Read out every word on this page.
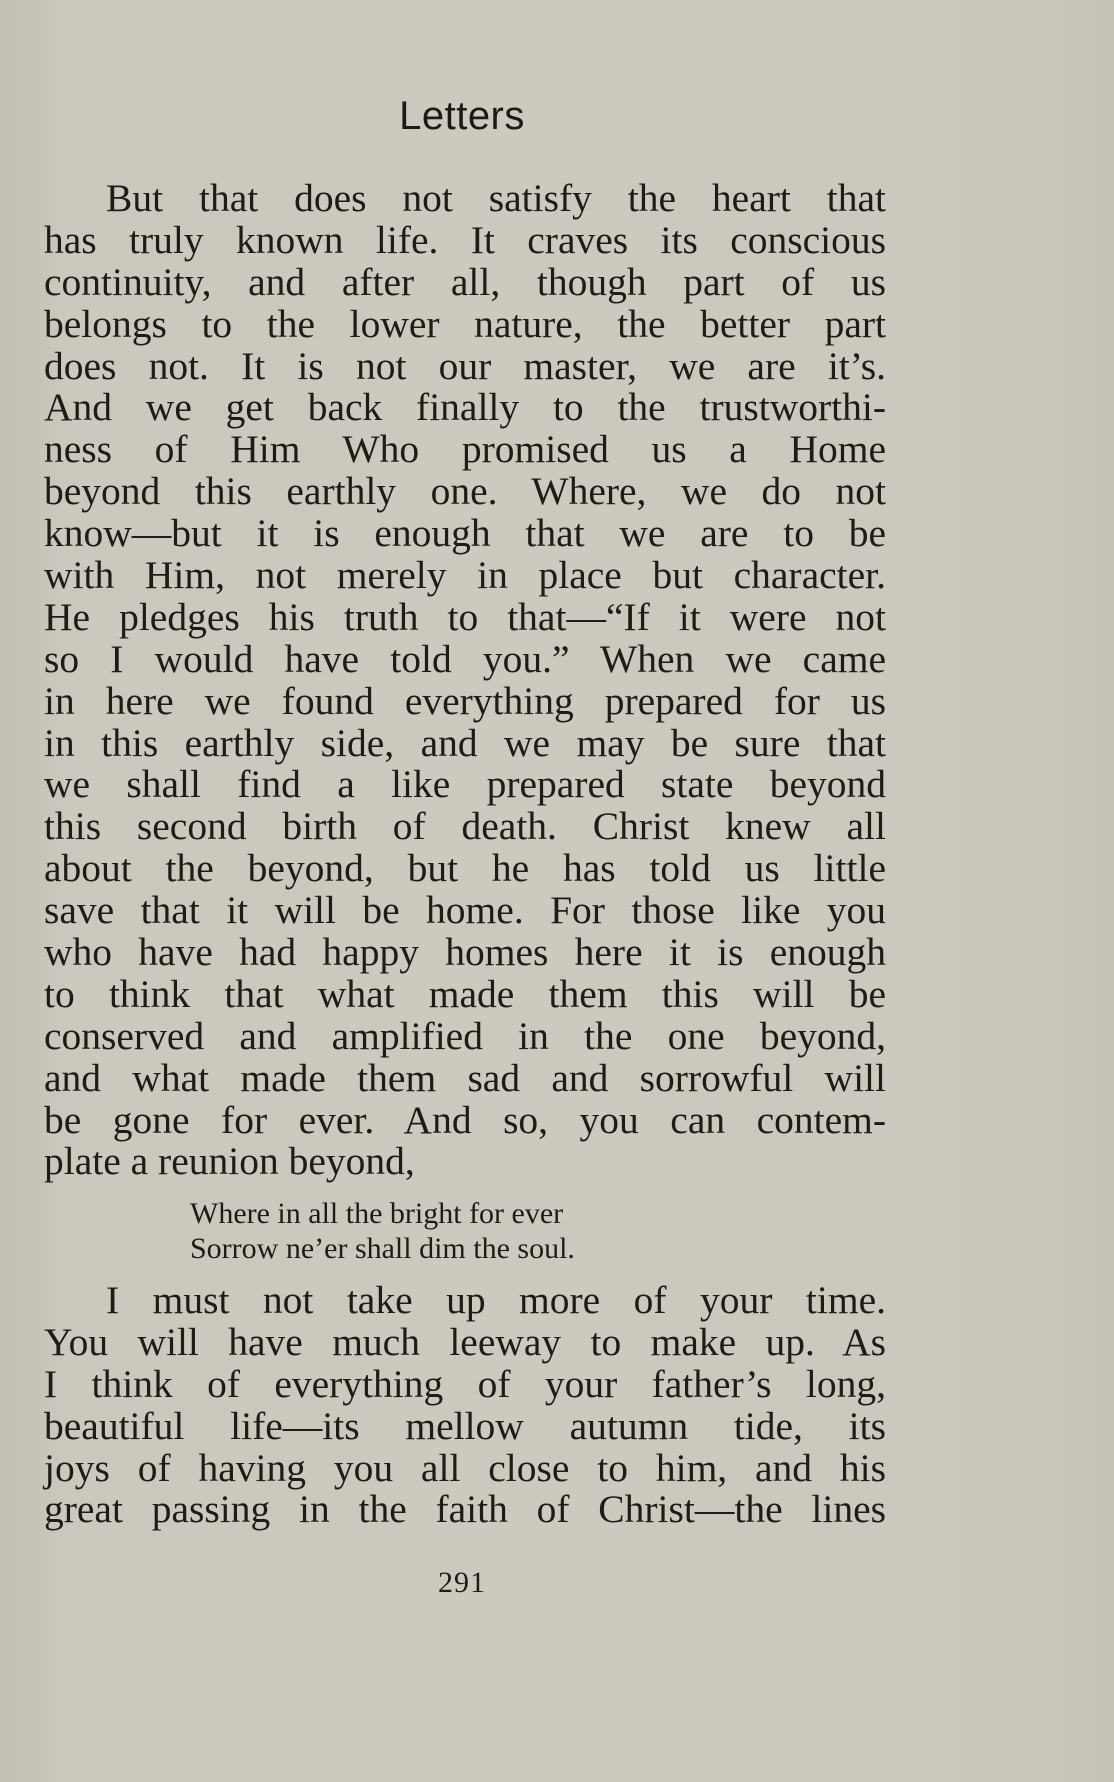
Letters
But that does not satisfy the heart that
has truly known life. It craves its conscious
continuity, and after all, though part of us
belongs to the lower nature, the better part
does not. It is not our master, we are it’s.
And we get back finally to the trustworthi-
ness of Him Who promised us a Home
beyond this earthly one. Where, we do not
know—but it is enough that we are to be
with Him, not merely in place but character.
He pledges his truth to that—“If it were not
so I would have told you.” When we came
in here we found everything prepared for us
in this earthly side, and we may be sure that
we shall find a like prepared state beyond
this second birth of death. Christ knew all
about the beyond, but he has told us little
save that it will be home. For those like you
who have had happy homes here it is enough
to think that what made them this will be
conserved and amplified in the one beyond,
and what made them sad and sorrowful will
be gone for ever. And so, you can contem-
plate a reunion beyond,
Where in all the bright for ever
Sorrow ne’er shall dim the soul.
I must not take up more of your time.
You will have much leeway to make up. As
I think of everything of your father’s long,
beautiful life—its mellow autumn tide, its
joys of having you all close to him, and his
great passing in the faith of Christ—the lines
291
